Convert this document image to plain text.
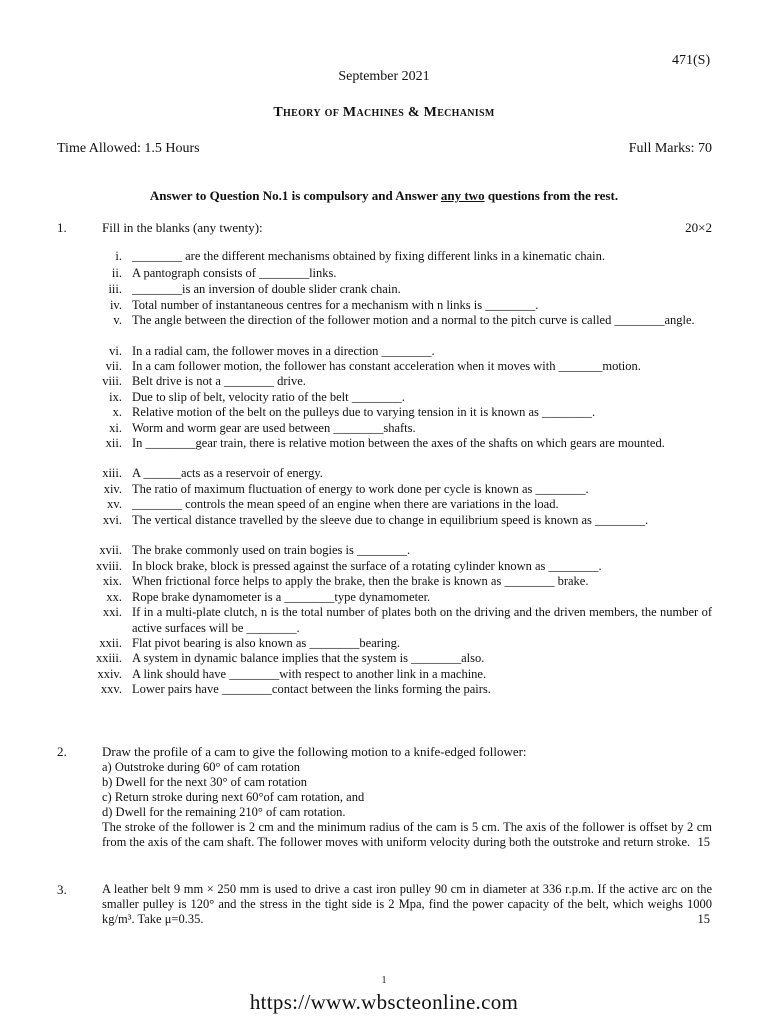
471(S)
September 2021
Theory of Machines & Mechanism
Time Allowed: 1.5 Hours	Full Marks: 70
Answer to Question No.1 is compulsory and Answer any two questions from the rest.
1.	Fill in the blanks (any twenty):	20×2
i. ________ are the different mechanisms obtained by fixing different links in a kinematic chain.
ii. A pantograph consists of ________links.
iii. ________is an inversion of double slider crank chain.
iv. Total number of instantaneous centres for a mechanism with n links is ________.
v. The angle between the direction of the follower motion and a normal to the pitch curve is called ________angle.
vi. In a radial cam, the follower moves in a direction ________.
vii. In a cam follower motion, the follower has constant acceleration when it moves with _______motion.
viii. Belt drive is not a ________ drive.
ix. Due to slip of belt, velocity ratio of the belt ________.
x. Relative motion of the belt on the pulleys due to varying tension in it is known as ________.
xi. Worm and worm gear are used between ________shafts.
xii. In ________gear train, there is relative motion between the axes of the shafts on which gears are mounted.
xiii. A ______acts as a reservoir of energy.
xiv. The ratio of maximum fluctuation of energy to work done per cycle is known as ________.
xv. ________ controls the mean speed of an engine when there are variations in the load.
xvi. The vertical distance travelled by the sleeve due to change in equilibrium speed is known as ________.
xvii. The brake commonly used on train bogies is ________.
xviii. In block brake, block is pressed against the surface of a rotating cylinder known as ________.
xix. When frictional force helps to apply the brake, then the brake is known as ________ brake.
xx. Rope brake dynamometer is a ________type dynamometer.
xxi. If in a multi-plate clutch, n is the total number of plates both on the driving and the driven members, the number of active surfaces will be ________.
xxii. Flat pivot bearing is also known as ________bearing.
xxiii. A system in dynamic balance implies that the system is ________also.
xxiv. A link should have ________with respect to another link in a machine.
xxv. Lower pairs have ________contact between the links forming the pairs.
2.	Draw the profile of a cam to give the following motion to a knife-edged follower:
a) Outstroke during 60° of cam rotation
b) Dwell for the next 30° of cam rotation
c) Return stroke during next 60°of cam rotation, and
d) Dwell for the remaining 210° of cam rotation.
The stroke of the follower is 2 cm and the minimum radius of the cam is 5 cm. The axis of the follower is offset by 2 cm from the axis of the cam shaft. The follower moves with uniform velocity during both the outstroke and return stroke. 15
3.	A leather belt 9 mm × 250 mm is used to drive a cast iron pulley 90 cm in diameter at 336 r.p.m. If the active arc on the smaller pulley is 120° and the stress in the tight side is 2 Mpa, find the power capacity of the belt, which weighs 1000 kg/m³. Take μ=0.35.	15
1
https://www.wbscteonline.com
